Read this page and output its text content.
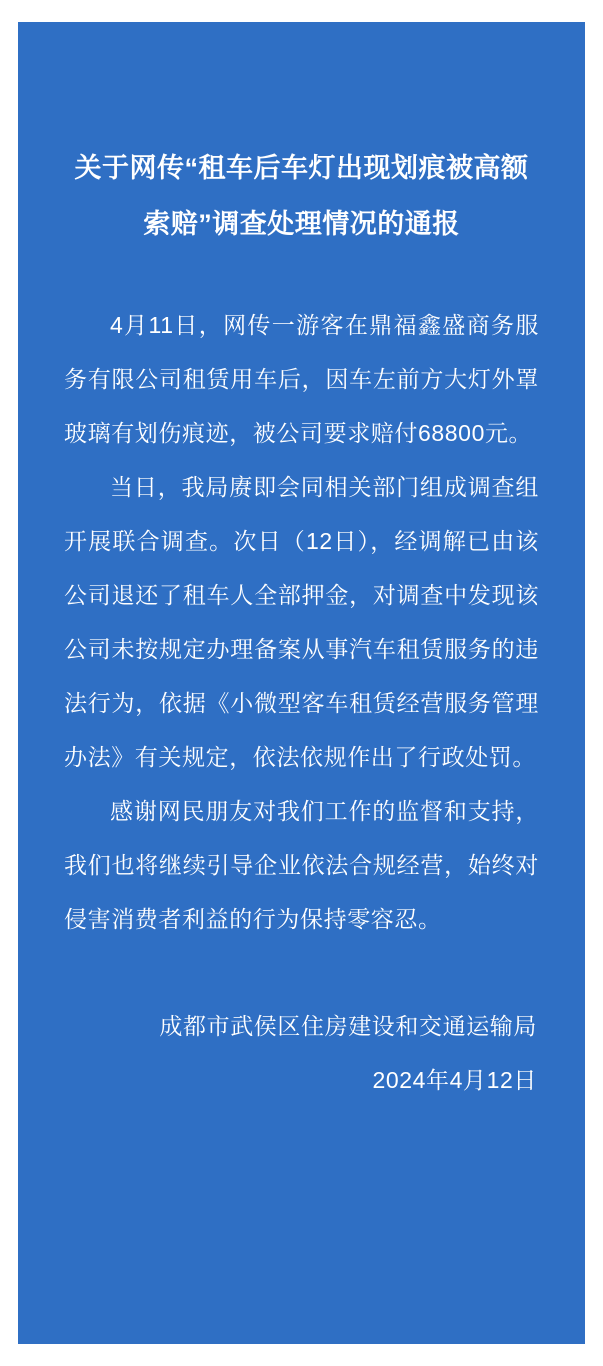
关于网传“租车后车灯出现划痕被高额索赔”调查处理情况的通报

4月11日，网传一游客在鼎福鑫盛商务服务有限公司租赁用车后，因车左前方大灯外罩玻璃有划伤痕迹，被公司要求赔付68800元。

当日，我局赓即会同相关部门组成调查组开展联合调查。次日（12日），经调解已由该公司退还了租车人全部押金，对调查中发现该公司未按规定办理备案从事汽车租赁服务的违法行为，依据《小微型客车租赁经营服务管理办法》有关规定，依法依规作出了行政处罚。

感谢网民朋友对我们工作的监督和支持，我们也将继续引导企业依法合规经营，始终对侵害消费者利益的行为保持零容忍。

成都市武侯区住房建设和交通运输局
2024年4月12日
